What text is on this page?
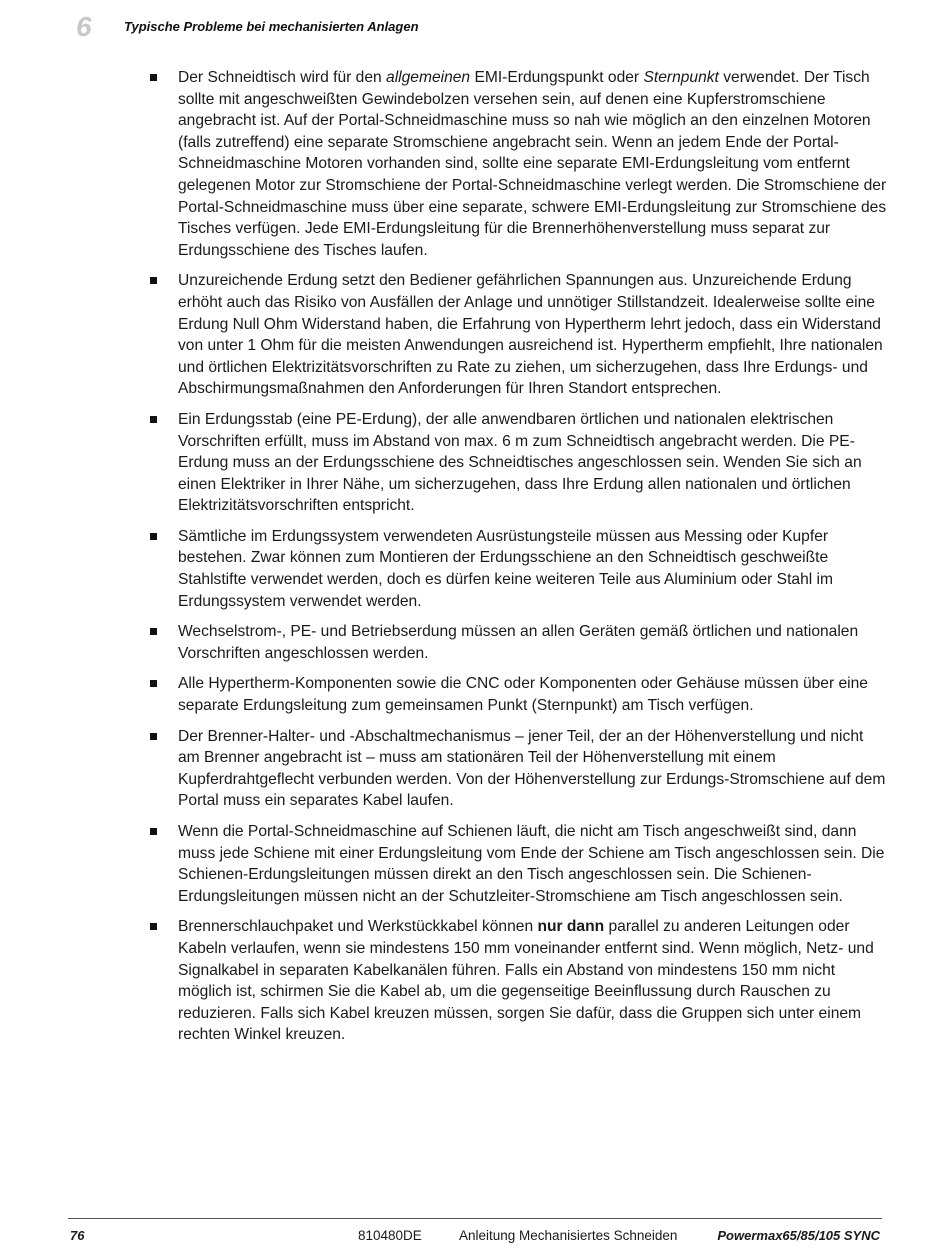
6 Typische Probleme bei mechanisierten Anlagen

Der Schneidtisch wird für den allgemeinen EMI-Erdungspunkt oder Sternpunkt verwendet. Der Tisch sollte mit angeschweißten Gewindebolzen versehen sein, auf denen eine Kupferstromschiene angebracht ist. Auf der Portal-Schneidmaschine muss so nah wie möglich an den einzelnen Motoren (falls zutreffend) eine separate Stromschiene angebracht sein. Wenn an jedem Ende der Portal-Schneidmaschine Motoren vorhanden sind, sollte eine separate EMI-Erdungsleitung vom entfernt gelegenen Motor zur Stromschiene der Portal-Schneidmaschine verlegt werden. Die Stromschiene der Portal-Schneidmaschine muss über eine separate, schwere EMI-Erdungsleitung zur Stromschiene des Tisches verfügen. Jede EMI-Erdungsleitung für die Brennerhöhenverstellung muss separat zur Erdungsschiene des Tisches laufen.

Unzureichende Erdung setzt den Bediener gefährlichen Spannungen aus. Unzureichende Erdung erhöht auch das Risiko von Ausfällen der Anlage und unnötiger Stillstandzeit. Idealerweise sollte eine Erdung Null Ohm Widerstand haben, die Erfahrung von Hypertherm lehrt jedoch, dass ein Widerstand von unter 1 Ohm für die meisten Anwendungen ausreichend ist. Hypertherm empfiehlt, Ihre nationalen und örtlichen Elektrizitätsvorschriften zu Rate zu ziehen, um sicherzugehen, dass Ihre Erdungs- und Abschirmungsmaßnahmen den Anforderungen für Ihren Standort entsprechen.

Ein Erdungsstab (eine PE-Erdung), der alle anwendbaren örtlichen und nationalen elektrischen Vorschriften erfüllt, muss im Abstand von max. 6 m zum Schneidtisch angebracht werden. Die PE-Erdung muss an der Erdungsschiene des Schneidtisches angeschlossen sein. Wenden Sie sich an einen Elektriker in Ihrer Nähe, um sicherzugehen, dass Ihre Erdung allen nationalen und örtlichen Elektrizitätsvorschriften entspricht.

Sämtliche im Erdungssystem verwendeten Ausrüstungsteile müssen aus Messing oder Kupfer bestehen. Zwar können zum Montieren der Erdungsschiene an den Schneidtisch geschweißte Stahlstifte verwendet werden, doch es dürfen keine weiteren Teile aus Aluminium oder Stahl im Erdungssystem verwendet werden.

Wechselstrom-, PE- und Betriebserdung müssen an allen Geräten gemäß örtlichen und nationalen Vorschriften angeschlossen werden.

Alle Hypertherm-Komponenten sowie die CNC oder Komponenten oder Gehäuse müssen über eine separate Erdungsleitung zum gemeinsamen Punkt (Sternpunkt) am Tisch verfügen.

Der Brenner-Halter- und -Abschaltmechanismus – jener Teil, der an der Höhenverstellung und nicht am Brenner angebracht ist – muss am stationären Teil der Höhenverstellung mit einem Kupferdrahtgeflecht verbunden werden. Von der Höhenverstellung zur Erdungs-Stromschiene auf dem Portal muss ein separates Kabel laufen.

Wenn die Portal-Schneidmaschine auf Schienen läuft, die nicht am Tisch angeschweißt sind, dann muss jede Schiene mit einer Erdungsleitung vom Ende der Schiene am Tisch angeschlossen sein. Die Schienen-Erdungsleitungen müssen direkt an den Tisch angeschlossen sein. Die Schienen-Erdungsleitungen müssen nicht an der Schutzleiter-Stromschiene am Tisch angeschlossen sein.

Brennerschlauchpaket und Werkstückkabel können nur dann parallel zu anderen Leitungen oder Kabeln verlaufen, wenn sie mindestens 150 mm voneinander entfernt sind. Wenn möglich, Netz- und Signalkabel in separaten Kabelkanälen führen. Falls ein Abstand von mindestens 150 mm nicht möglich ist, schirmen Sie die Kabel ab, um die gegenseitige Beeinflussung durch Rauschen zu reduzieren. Falls sich Kabel kreuzen müssen, sorgen Sie dafür, dass die Gruppen sich unter einem rechten Winkel kreuzen.

76	810480DE	Anleitung Mechanisiertes Schneiden	Powermax65/85/105 SYNC
